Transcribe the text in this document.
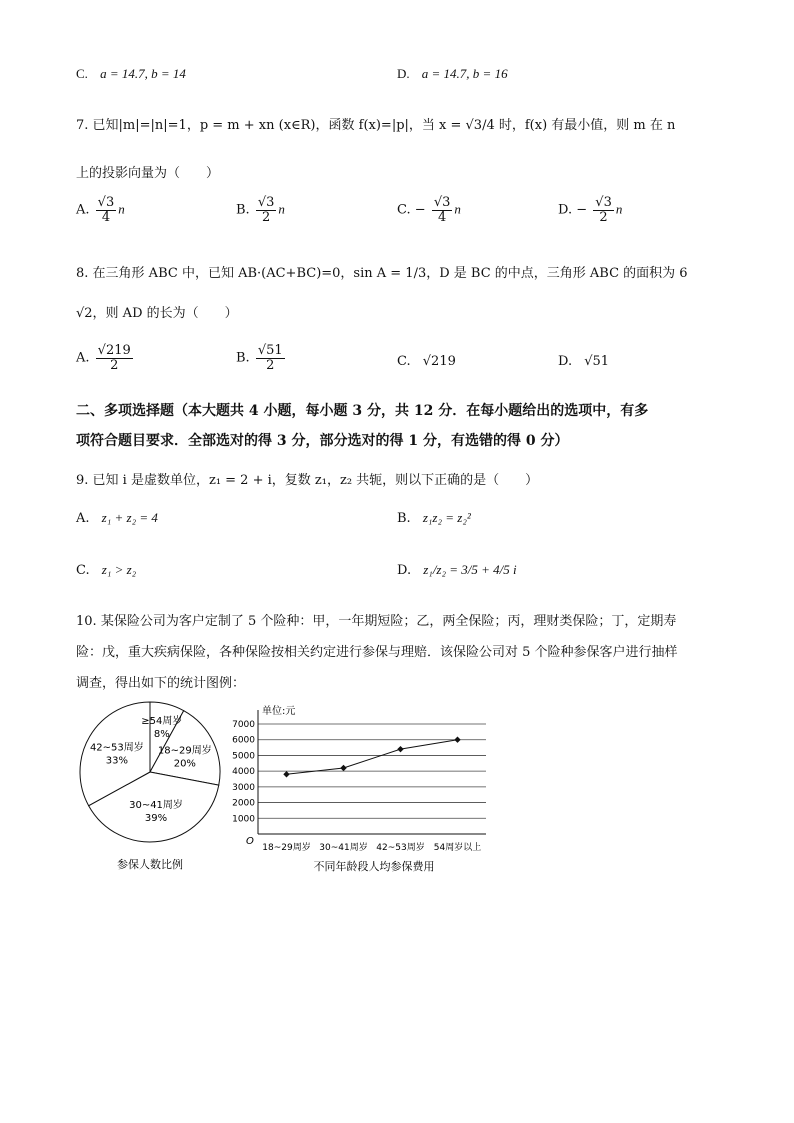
C. a = 14.7, b = 14	D. a = 14.7, b = 16
7. 已知|m|=|n|=1，p = m + xn (x∈R)，函数 f(x)=|p|，当 x = √3/4 时，f(x) 有最小值，则 m 在 n
上的投影向量为（　　）
A. $\frac{√3}{4}$ n	B. $\frac{√3}{2}$ n	C. − $\frac{√3}{4}$ n	D. − $\frac{√3}{2}$ n
8. 在三角形 ABC 中，已知 AB·(AC+BC)=0，sin A = 1/3，D 是 BC 的中点，三角形 ABC 的面积为 6
√2，则 AD 的长为（　　）
A. $\frac{√219}{2}$	B. $\frac{√51}{2}$	C. √219	D. √51
二、多项选择题（本大题共 4 小题，每小题 3 分，共 12 分．在每小题给出的选项中，有多
项符合题目要求．全部选对的得 3 分，部分选对的得 1 分，有选错的得 0 分）
9. 已知 i 是虚数单位，z₁ = 2 + i，复数 z₁，z₂ 共轭，则以下正确的是（　　）
A. z₁ + z₂ = 4	B. z₁z₂ = z₂²
C. z₁ > z₂	D. z₁/z₂ = 3/5 + 4/5 i
10. 某保险公司为客户定制了 5 个险种：甲，一年期短险；乙，两全保险；丙，理财类保险；丁，定期寿
险：戊，重大疾病保险，各种保险按相关约定进行参保与理赔．该保险公司对 5 个险种参保客户进行抽样
调查，得出如下的统计图例：
≥54周岁
8%
18~29周岁
20%
30~41周岁
39%
42~53周岁
33%
参保人数比例
1000
2000
3000
4000
5000
6000
7000
18~29周岁 30~41周岁 42~53周岁 54周岁以上
单位:元
O
不同年龄段人均参保费用
